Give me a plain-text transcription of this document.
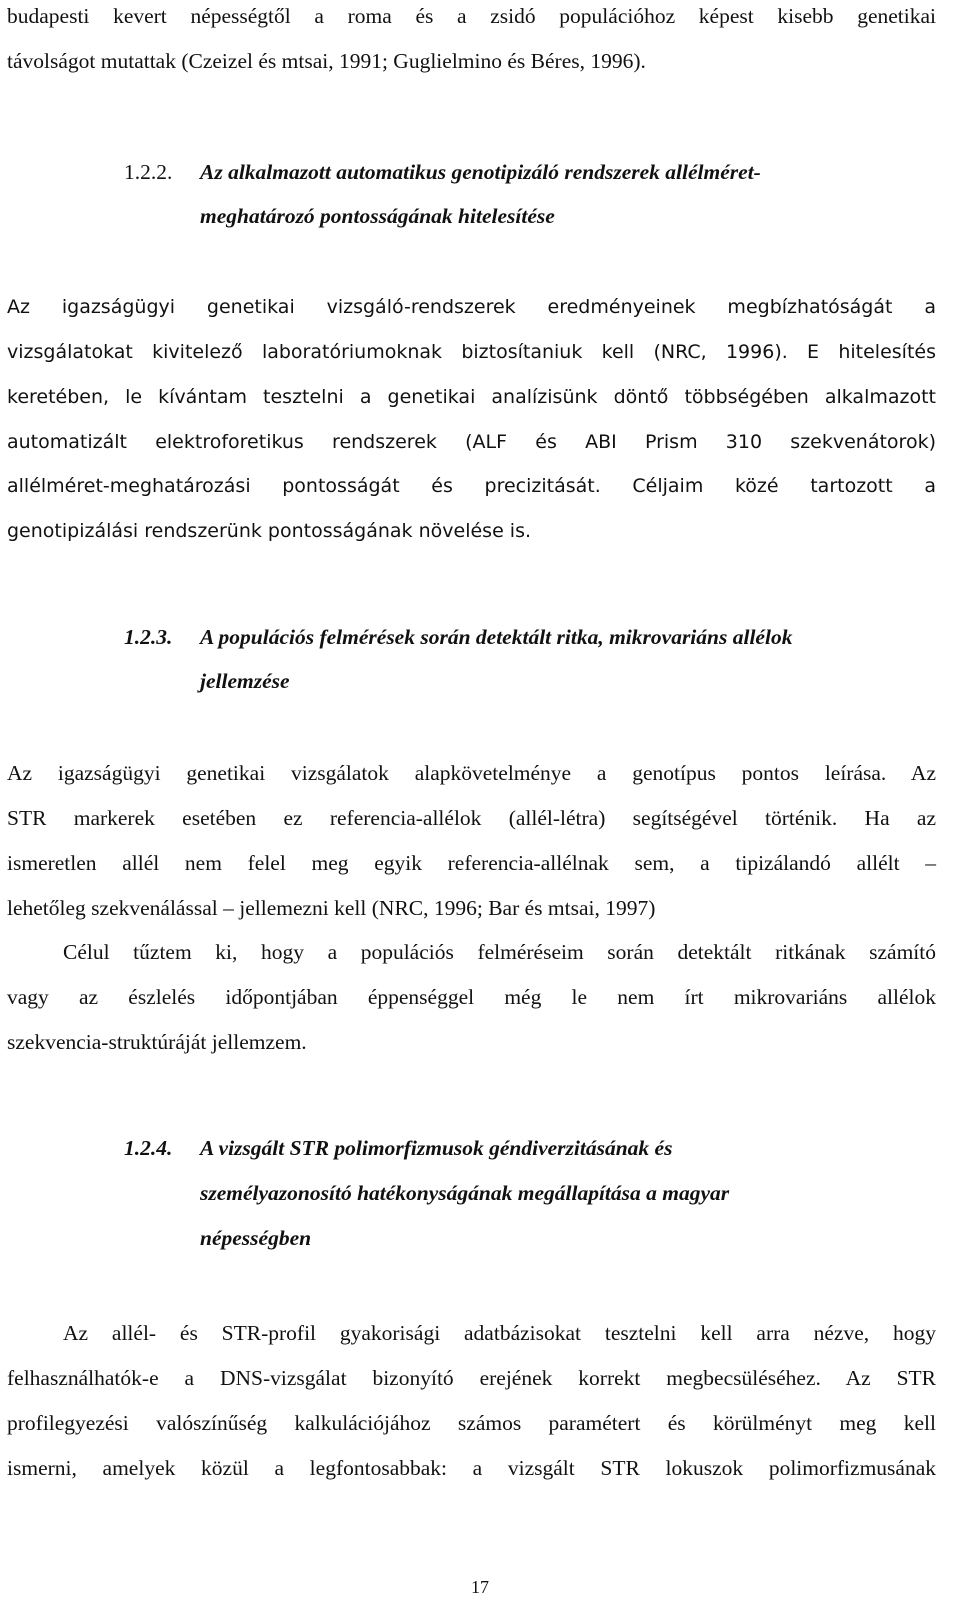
budapesti kevert népességtől a roma és a zsidó populációhoz képest kisebb genetikai
távolságot mutattak (Czeizel és mtsai, 1991; Guglielmino és Béres, 1996).
1.2.2. Az alkalmazott automatikus genotipizáló rendszerek allélméret-
meghatározó pontosságának hitelesítése
Az igazságügyi genetikai vizsgáló-rendszerek eredményeinek megbízhatóságát a
vizsgálatokat kivitelező laboratóriumoknak biztosítaniuk kell (NRC, 1996). E hitelesítés
keretében, le kívántam tesztelni a genetikai analízisünk döntő többségében alkalmazott
automatizált elektroforetikus rendszerek (ALF és ABI Prism 310 szekvenátorok)
allélméret-meghatározási pontosságát és precizitását. Céljaim közé tartozott a
genotipizálási rendszerünk pontosságának növelése is.
1.2.3. A populációs felmérések során detektált ritka, mikrovariáns allélok
jellemzése
Az igazságügyi genetikai vizsgálatok alapkövetelménye a genotípus pontos leírása. Az
STR markerek esetében ez referencia-allélok (allél-létra) segítségével történik. Ha az
ismeretlen allél nem felel meg egyik referencia-allélnak sem, a tipizálandó allélt –
lehetőleg szekvenálással – jellemezni kell (NRC, 1996; Bar és mtsai, 1997)
Célul tűztem ki, hogy a populációs felméréseim során detektált ritkának számító
vagy az észlelés időpontjában éppenséggel még le nem írt mikrovariáns allélok
szekvencia-struktúráját jellemzem.
1.2.4. A vizsgált STR polimorfizmusok géndiverzitásának és
személyazonosító hatékonyságának megállapítása a magyar
népességben
Az allél- és STR-profil gyakorisági adatbázisokat tesztelni kell arra nézve, hogy
felhasználhatók-e a DNS-vizsgálat bizonyító erejének korrekt megbecsüléséhez. Az STR
profilegyezési valószínűség kalkulációjához számos paramétert és körülményt meg kell
ismerni, amelyek közül a legfontosabbak: a vizsgált STR lokuszok polimorfizmusának
17
